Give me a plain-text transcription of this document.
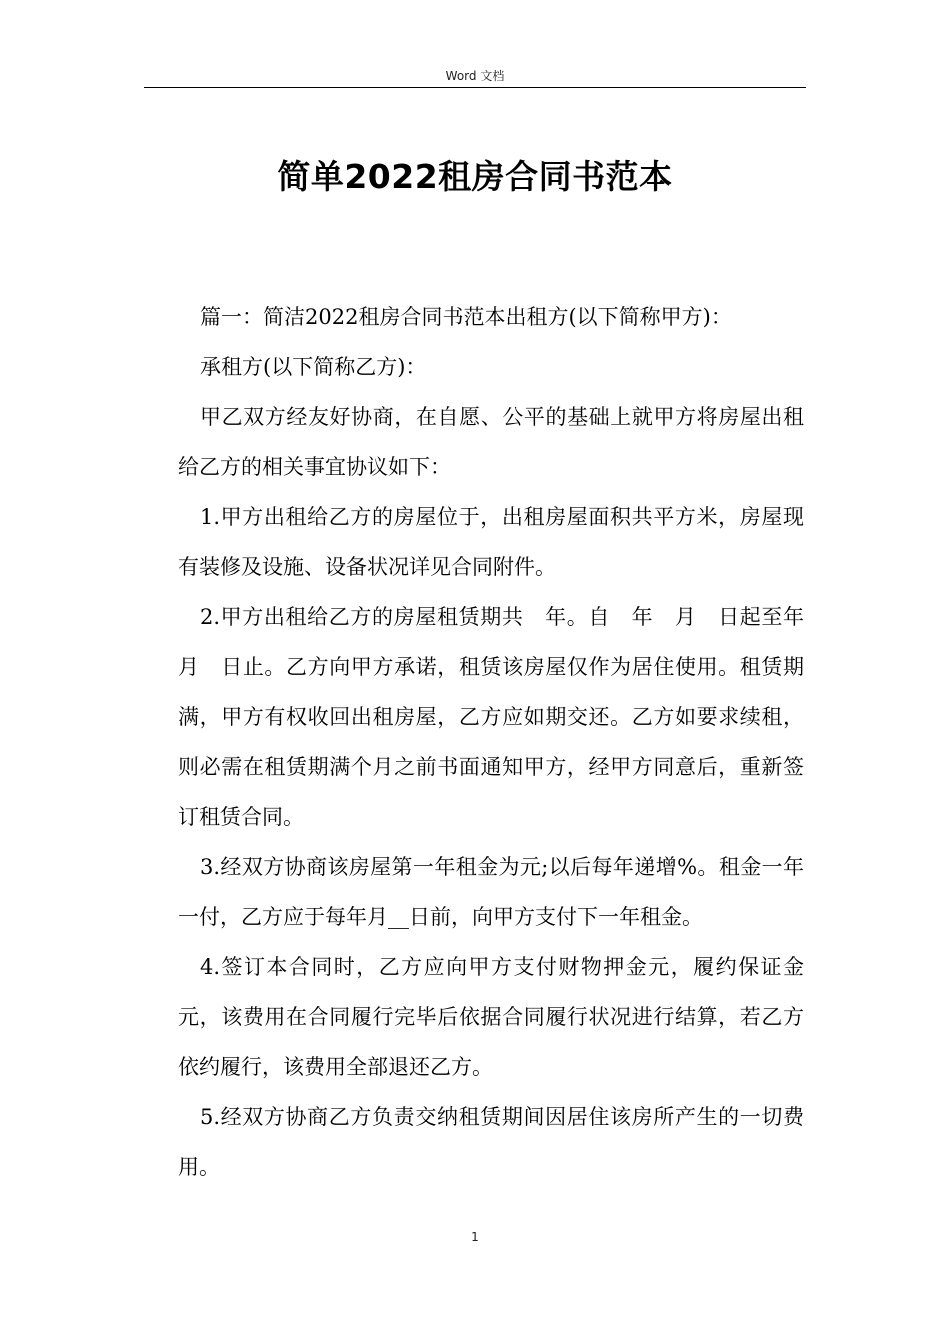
Word 文档
简单2022租房合同书范本

篇一：简洁2022租房合同书范本出租方(以下简称甲方)：

承租方(以下简称乙方)：

甲乙双方经友好协商，在自愿、公平的基础上就甲方将房屋出租给乙方的相关事宜协议如下：

1.甲方出租给乙方的房屋位于，出租房屋面积共平方米，房屋现有装修及设施、设备状况详见合同附件。

2.甲方出租给乙方的房屋租赁期共　年。自　年　月　日起至年　月　日止。乙方向甲方承诺，租赁该房屋仅作为居住使用。租赁期满，甲方有权收回出租房屋，乙方应如期交还。乙方如要求续租，则必需在租赁期满个月之前书面通知甲方，经甲方同意后，重新签订租赁合同。

3.经双方协商该房屋第一年租金为元;以后每年递增%。租金一年一付，乙方应于每年月__日前，向甲方支付下一年租金。

4.签订本合同时，乙方应向甲方支付财物押金元，履约保证金元，该费用在合同履行完毕后依据合同履行状况进行结算，若乙方依约履行，该费用全部退还乙方。

5.经双方协商乙方负责交纳租赁期间因居住该房所产生的一切费用。

1
